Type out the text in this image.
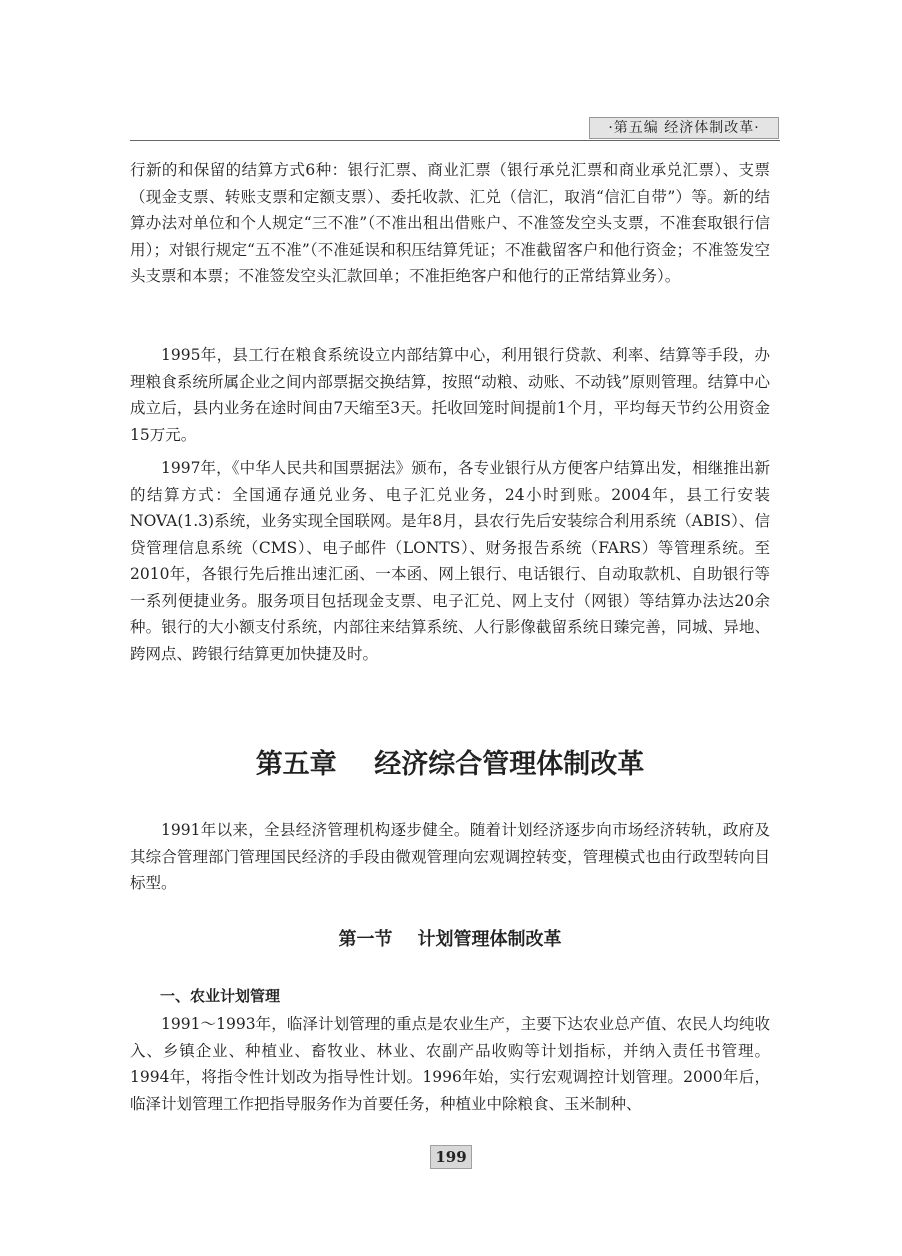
·第五编 经济体制改革·

行新的和保留的结算方式6种：银行汇票、商业汇票（银行承兑汇票和商业承兑汇票）、支票（现金支票、转账支票和定额支票）、委托收款、汇兑（信汇，取消“信汇自带”）等。新的结算办法对单位和个人规定“三不准”（不准出租出借账户、不准签发空头支票，不准套取银行信用）；对银行规定“五不准”（不准延误和积压结算凭证；不准截留客户和他行资金；不准签发空头支票和本票；不准签发空头汇款回单；不准拒绝客户和他行的正常结算业务）。

1995年，县工行在粮食系统设立内部结算中心，利用银行贷款、利率、结算等手段，办理粮食系统所属企业之间内部票据交换结算，按照“动粮、动账、不动钱”原则管理。结算中心成立后，县内业务在途时间由7天缩至3天。托收回笼时间提前1个月，平均每天节约公用资金15万元。

1997年，《中华人民共和国票据法》颁布，各专业银行从方便客户结算出发，相继推出新的结算方式：全国通存通兑业务、电子汇兑业务，24小时到账。2004年，县工行安装NOVA(1.3)系统，业务实现全国联网。是年8月，县农行先后安装综合利用系统（ABIS）、信贷管理信息系统（CMS）、电子邮件（LONTS）、财务报告系统（FARS）等管理系统。至2010年，各银行先后推出速汇函、一本函、网上银行、电话银行、自动取款机、自助银行等一系列便捷业务。服务项目包括现金支票、电子汇兑、网上支付（网银）等结算办法达20余种。银行的大小额支付系统，内部往来结算系统、人行影像截留系统日臻完善，同城、异地、跨网点、跨银行结算更加快捷及时。

第五章    经济综合管理体制改革

1991年以来，全县经济管理机构逐步健全。随着计划经济逐步向市场经济转轨，政府及其综合管理部门管理国民经济的手段由微观管理向宏观调控转变，管理模式也由行政型转向目标型。

第一节    计划管理体制改革
一、农业计划管理

1991～1993年，临泽计划管理的重点是农业生产，主要下达农业总产值、农民人均纯收入、乡镇企业、种植业、畜牧业、林业、农副产品收购等计划指标，并纳入责任书管理。1994年，将指令性计划改为指导性计划。1996年始，实行宏观调控计划管理。2000年后，临泽计划管理工作把指导服务作为首要任务，种植业中除粮食、玉米制种、

199
